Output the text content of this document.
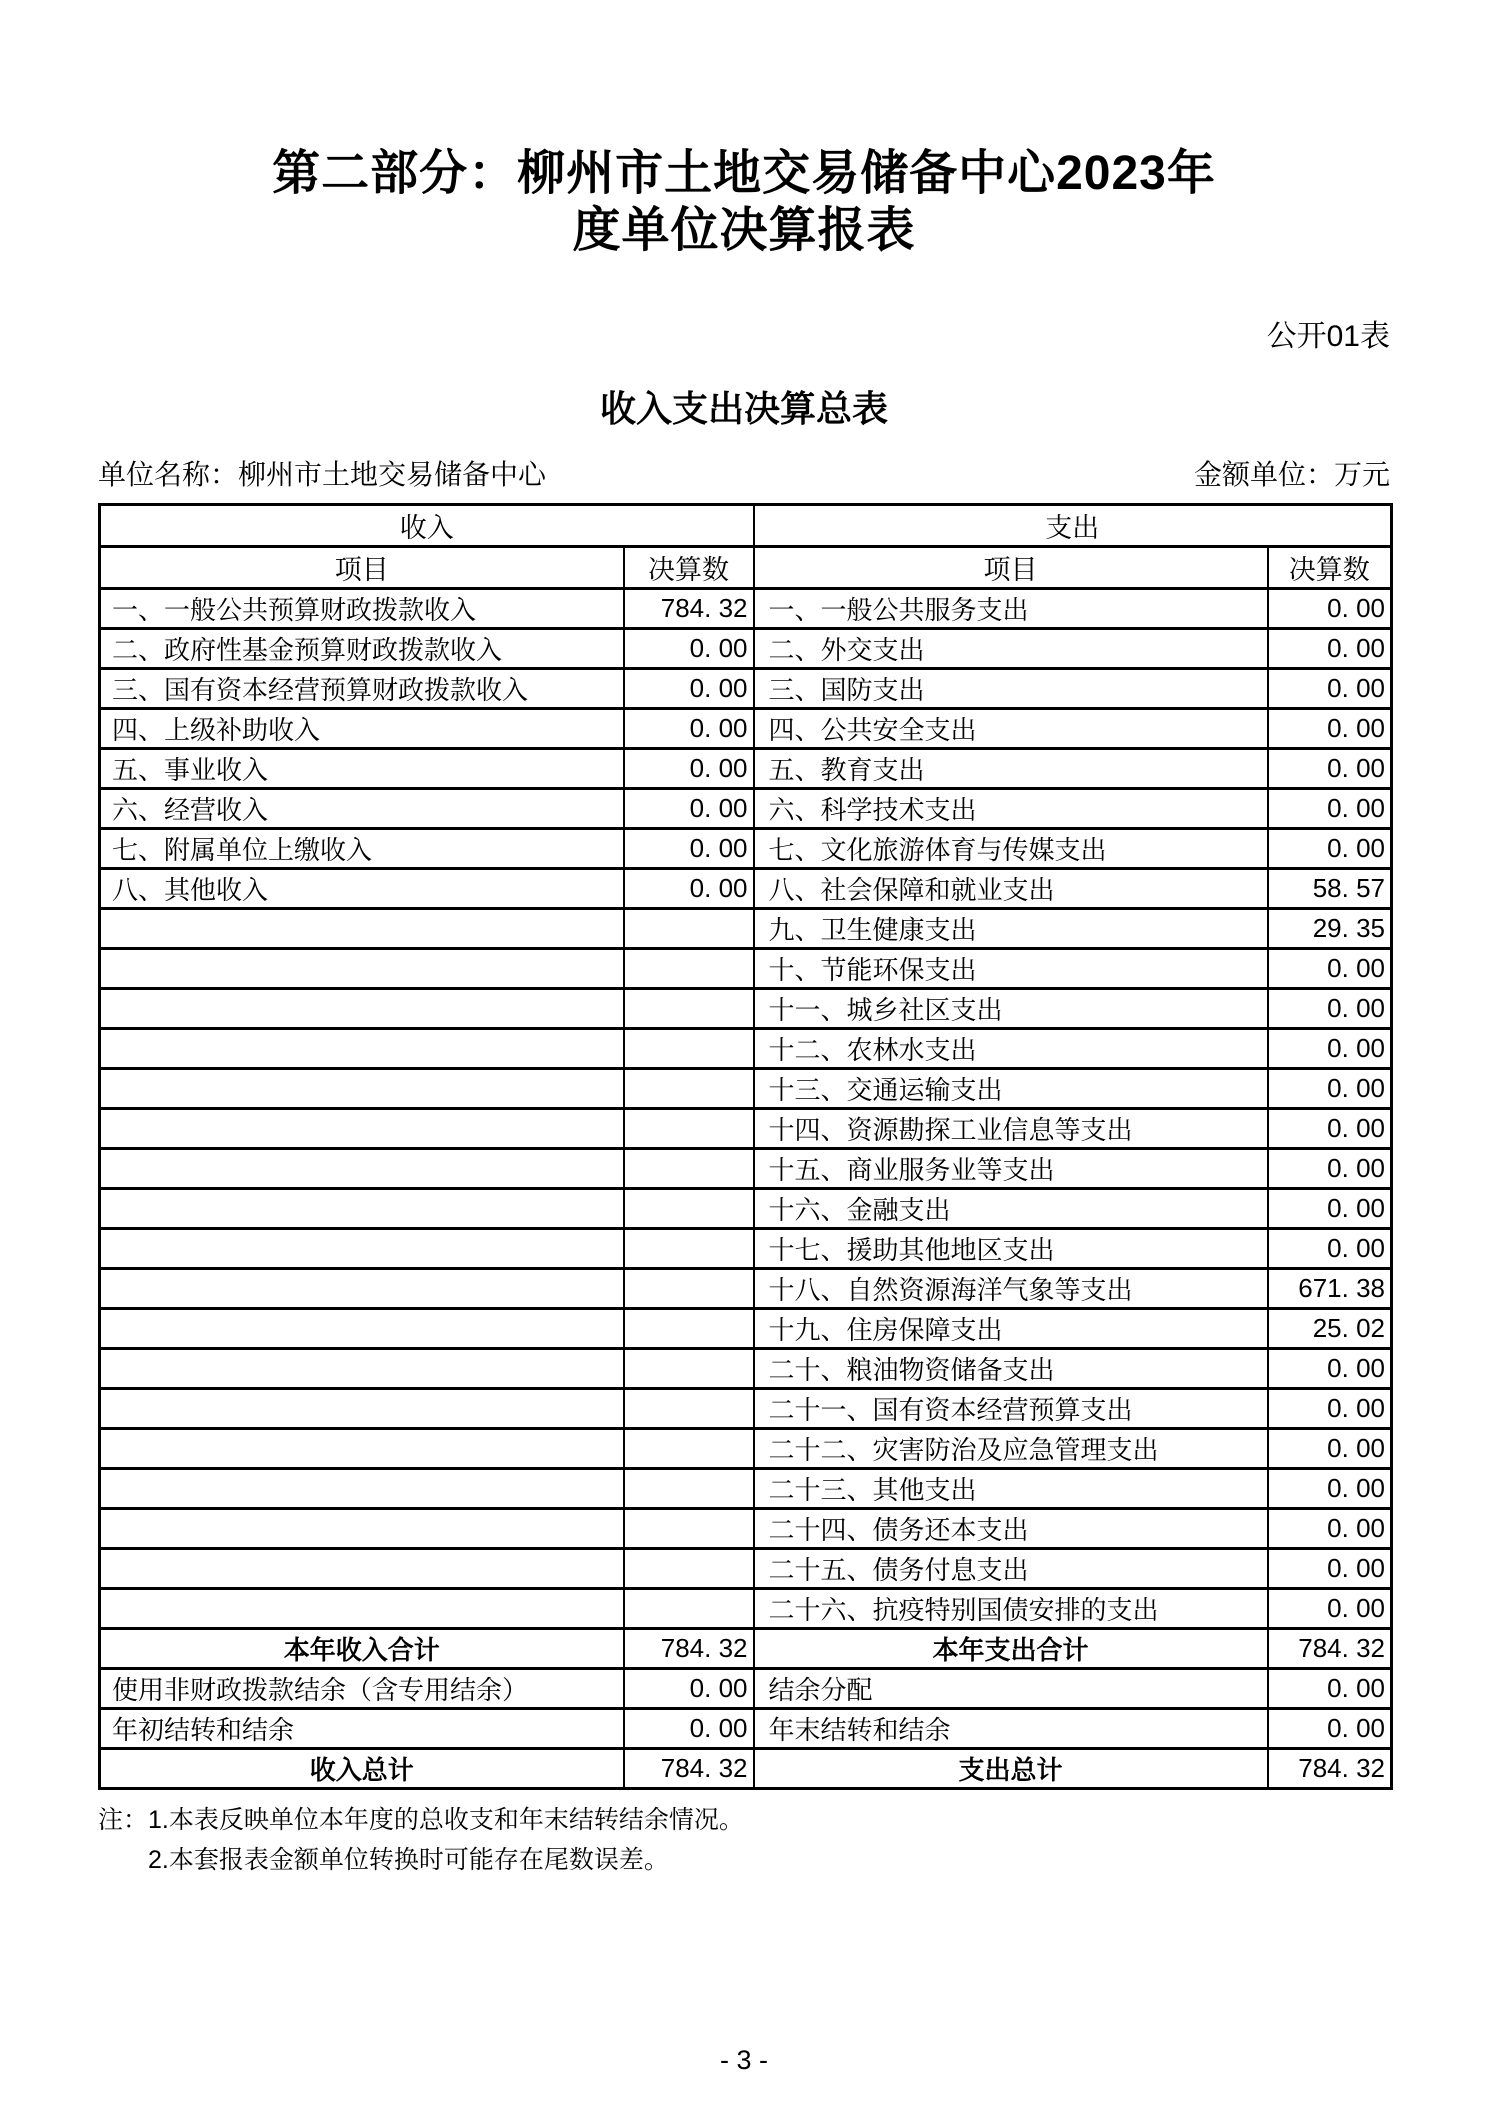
第二部分：柳州市土地交易储备中心2023年
度单位决算报表
公开01表
收入支出决算总表
单位名称：柳州市土地交易储备中心	金额单位：万元
收入		支出	
项目	决算数	项目	决算数
一、一般公共预算财政拨款收入	784. 32	一、一般公共服务支出	0. 00
二、政府性基金预算财政拨款收入	0. 00	二、外交支出	0. 00
三、国有资本经营预算财政拨款收入	0. 00	三、国防支出	0. 00
四、上级补助收入	0. 00	四、公共安全支出	0. 00
五、事业收入	0. 00	五、教育支出	0. 00
六、经营收入	0. 00	六、科学技术支出	0. 00
七、附属单位上缴收入	0. 00	七、文化旅游体育与传媒支出	0. 00
八、其他收入	0. 00	八、社会保障和就业支出	58. 57
		九、卫生健康支出	29. 35
		十、节能环保支出	0. 00
		十一、城乡社区支出	0. 00
		十二、农林水支出	0. 00
		十三、交通运输支出	0. 00
		十四、资源勘探工业信息等支出	0. 00
		十五、商业服务业等支出	0. 00
		十六、金融支出	0. 00
		十七、援助其他地区支出	0. 00
		十八、自然资源海洋气象等支出	671. 38
		十九、住房保障支出	25. 02
		二十、粮油物资储备支出	0. 00
		二十一、国有资本经营预算支出	0. 00
		二十二、灾害防治及应急管理支出	0. 00
		二十三、其他支出	0. 00
		二十四、债务还本支出	0. 00
		二十五、债务付息支出	0. 00
		二十六、抗疫特别国债安排的支出	0. 00
本年收入合计	784. 32	本年支出合计	784. 32
使用非财政拨款结余（含专用结余）	0. 00	结余分配	0. 00
年初结转和结余	0. 00	年末结转和结余	0. 00
收入总计	784. 32	支出总计	784. 32
注：1.本表反映单位本年度的总收支和年末结转结余情况。
2.本套报表金额单位转换时可能存在尾数误差。
- 3 -
